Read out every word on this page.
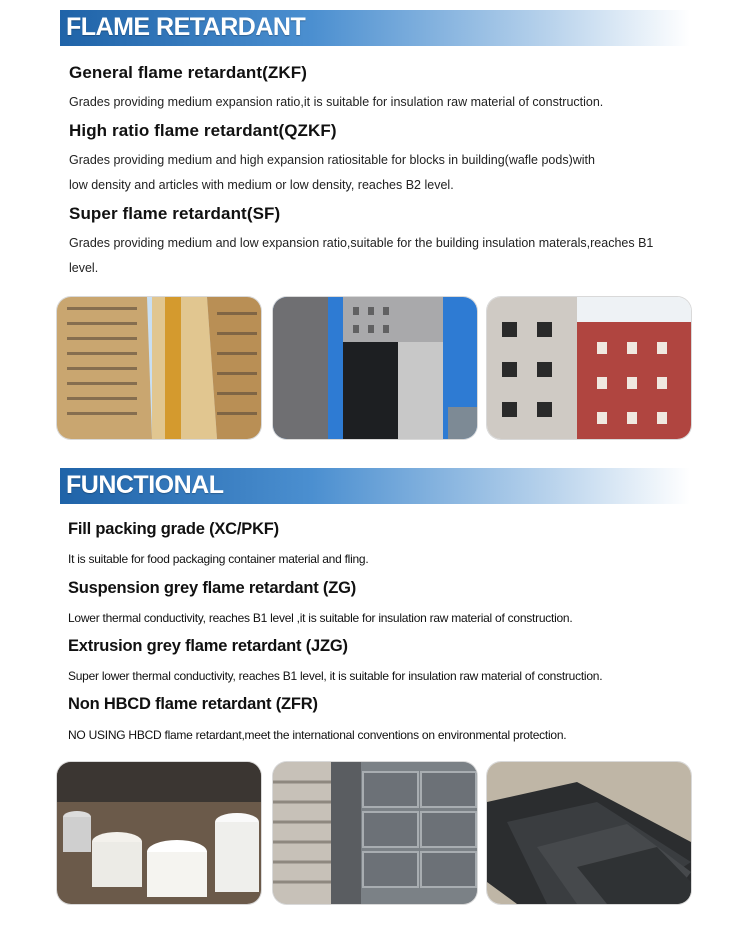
FLAME RETARDANT
General flame retardant(ZKF)
Grades providing medium expansion ratio,it is suitable for insulation raw material of construction.
High ratio flame retardant(QZKF)
Grades providing medium and high expansion ratiositable for blocks in building(wafle pods)with
low density and articles with medium or low density, reaches B2 level.
Super flame retardant(SF)
Grades providing medium and low expansion ratio,suitable for the building insulation materals,reaches B1
level.
FUNCTIONAL
Fill packing grade (XC/PKF)
It is suitable for food packaging container material and fling.
Suspension grey flame retardant (ZG)
Lower thermal conductivity, reaches B1 level ,it is suitable for insulation raw material of construction.
Extrusion grey flame retardant (JZG)
Super lower thermal conductivity, reaches B1 level, it is suitable for insulation raw material of construction.
Non HBCD flame retardant (ZFR)
NO USING HBCD flame retardant,meet the international conventions on environmental protection.
